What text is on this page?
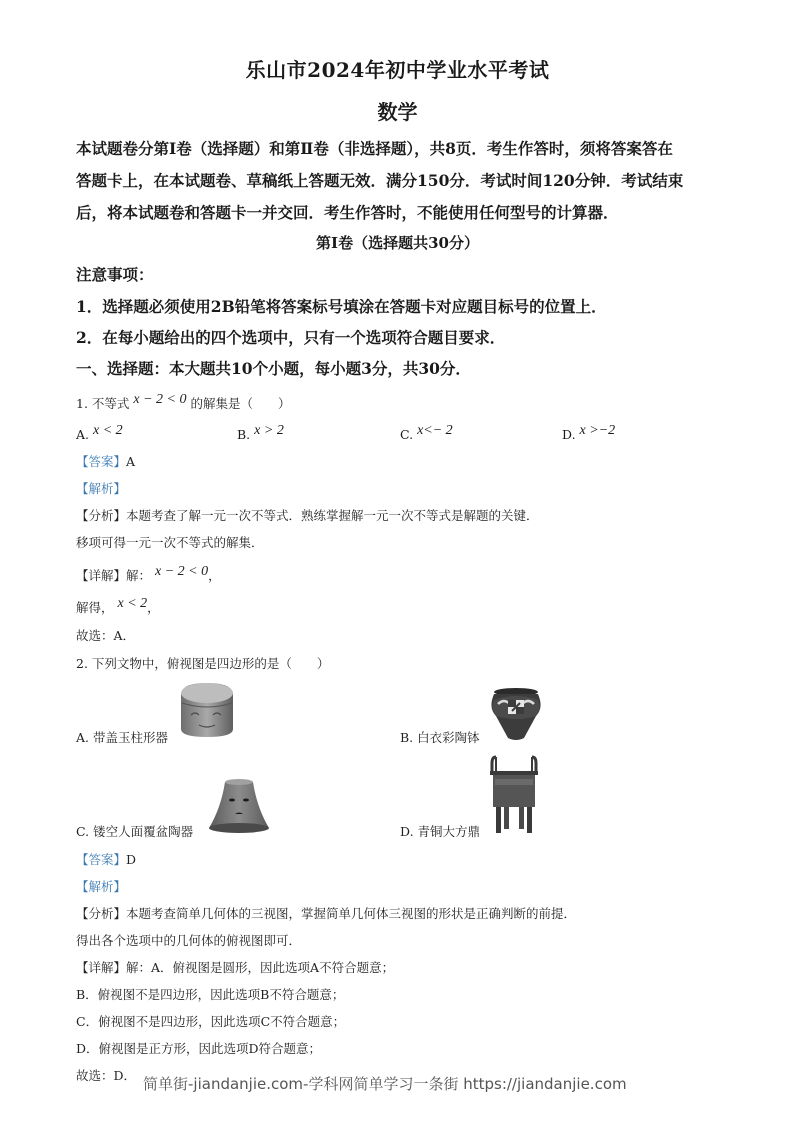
乐山市2024年初中学业水平考试
数学
本试题卷分第Ⅰ卷（选择题）和第Ⅱ卷（非选择题），共8页．考生作答时，须将答案答在
答题卡上，在本试题卷、草稿纸上答题无效．满分150分．考试时间120分钟．考试结束
后，将本试题卷和答题卡一并交回．考生作答时，不能使用任何型号的计算器．
第Ⅰ卷（选择题共30分）
注意事项：
1．选择题必须使用2B铅笔将答案标号填涂在答题卡对应题目标号的位置上．
2．在每小题给出的四个选项中，只有一个选项符合题目要求．
一、选择题：本大题共10个小题，每小题3分，共30分．
1. 不等式 x − 2 < 0 的解集是（　　）
A. x < 2	B. x > 2	C. x<− 2	D. x >−2
【答案】A
【解析】
【分析】本题考查了解一元一次不等式．熟练掌握解一元一次不等式是解题的关键．
移项可得一元一次不等式的解集．
【详解】解： x − 2 < 0，
解得， x < 2，
故选：A．
2. 下列文物中，俯视图是四边形的是（　　）
A. 带盖玉柱形器	B. 白衣彩陶钵
C. 镂空人面覆盆陶器	D. 青铜大方鼎
【答案】D
【解析】
【分析】本题考查简单几何体的三视图，掌握简单几何体三视图的形状是正确判断的前提．
得出各个选项中的几何体的俯视图即可．
【详解】解：A．俯视图是圆形，因此选项A不符合题意；
B．俯视图不是四边形，因此选项B不符合题意；
C．俯视图不是四边形，因此选项C不符合题意；
D．俯视图是正方形，因此选项D符合题意；
故选：D． 简单街-jiandanjie.com-学科网简单学习一条街 https://jiandanjie.com
